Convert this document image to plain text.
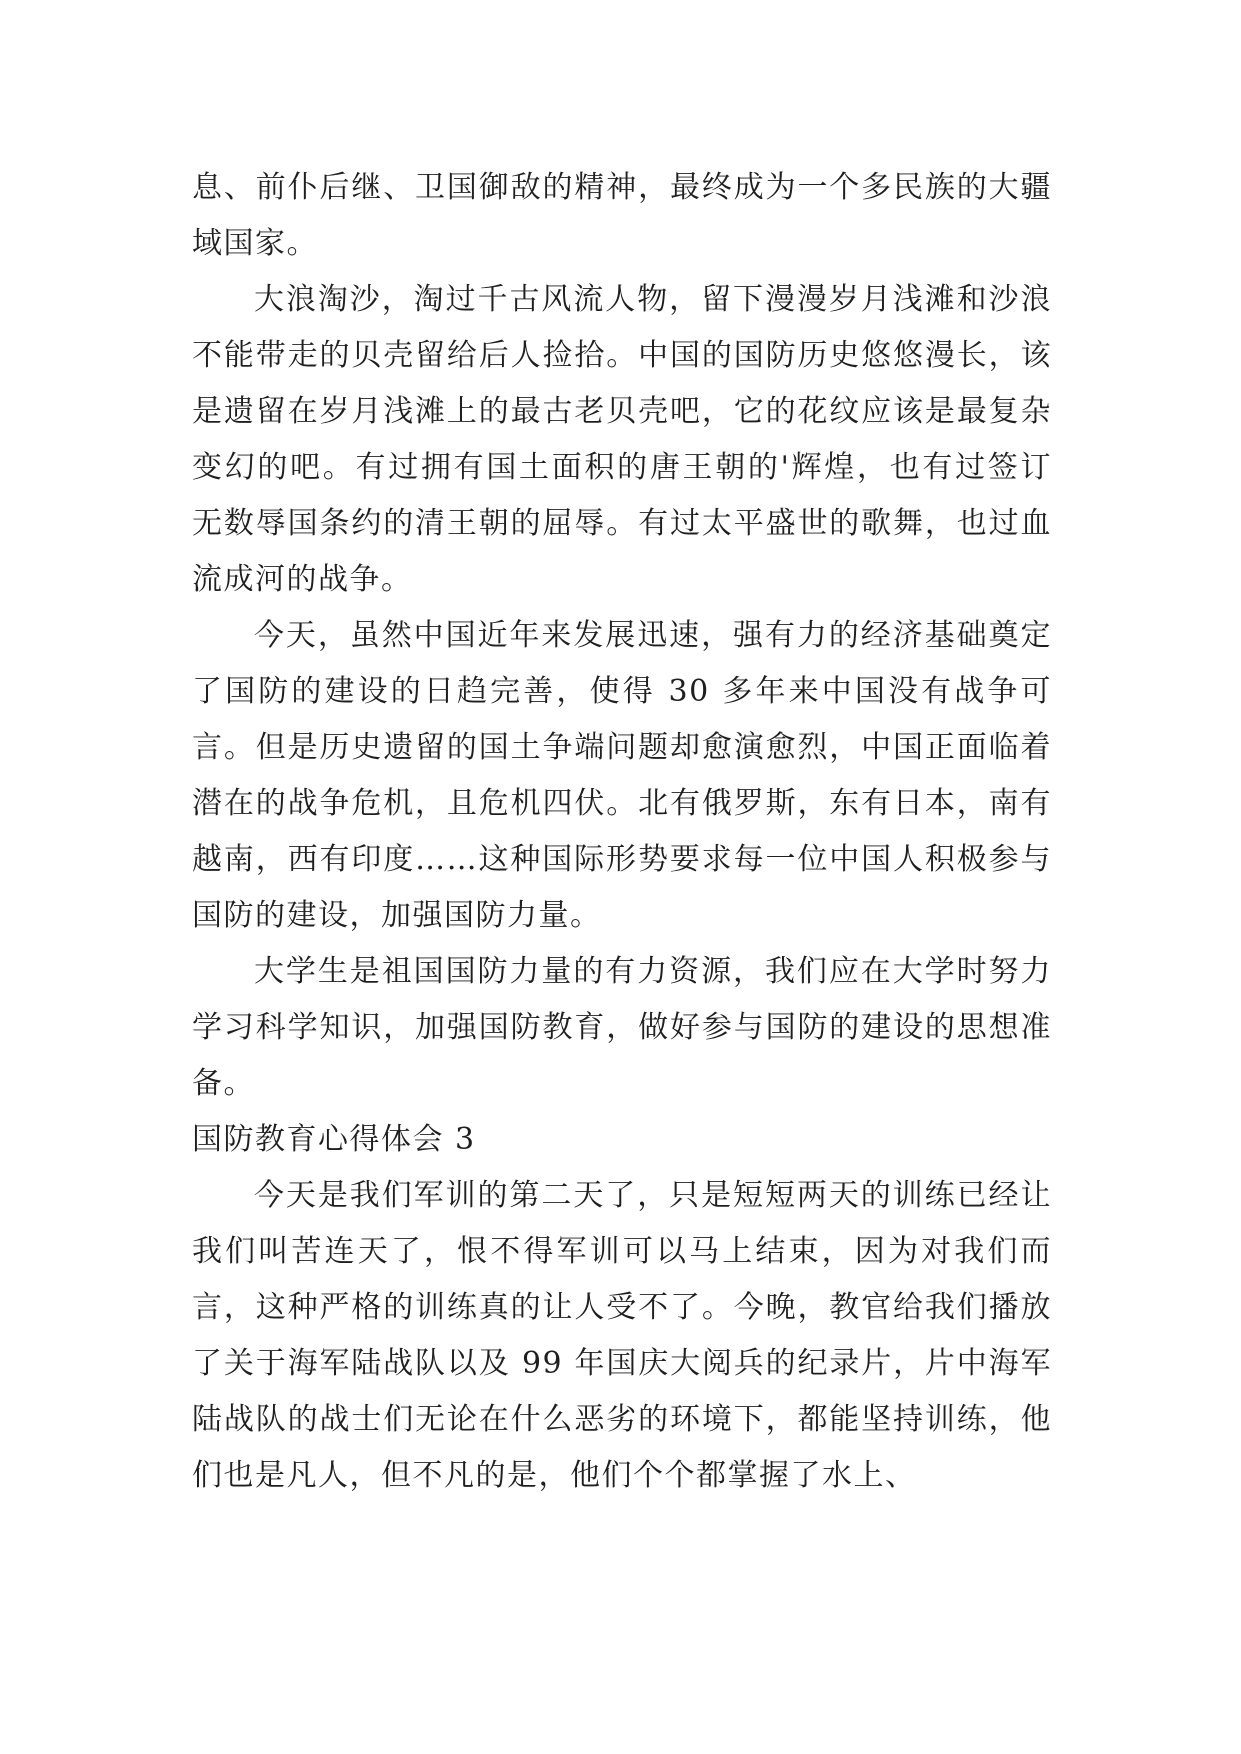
息、前仆后继、卫国御敌的精神，最终成为一个多民族的大疆域国家。

大浪淘沙，淘过千古风流人物，留下漫漫岁月浅滩和沙浪不能带走的贝壳留给后人捡拾。中国的国防历史悠悠漫长，该是遗留在岁月浅滩上的最古老贝壳吧，它的花纹应该是最复杂变幻的吧。有过拥有国土面积的唐王朝的'辉煌，也有过签订无数辱国条约的清王朝的屈辱。有过太平盛世的歌舞，也过血流成河的战争。

今天，虽然中国近年来发展迅速，强有力的经济基础奠定了国防的建设的日趋完善，使得 30 多年来中国没有战争可言。但是历史遗留的国土争端问题却愈演愈烈，中国正面临着潜在的战争危机，且危机四伏。北有俄罗斯，东有日本，南有越南，西有印度……这种国际形势要求每一位中国人积极参与国防的建设，加强国防力量。

大学生是祖国国防力量的有力资源，我们应在大学时努力学习科学知识，加强国防教育，做好参与国防的建设的思想准备。

国防教育心得体会 3

今天是我们军训的第二天了，只是短短两天的训练已经让我们叫苦连天了，恨不得军训可以马上结束，因为对我们而言，这种严格的训练真的让人受不了。今晚，教官给我们播放了关于海军陆战队以及 99 年国庆大阅兵的纪录片，片中海军陆战队的战士们无论在什么恶劣的环境下，都能坚持训练，他们也是凡人，但不凡的是，他们个个都掌握了水上、
